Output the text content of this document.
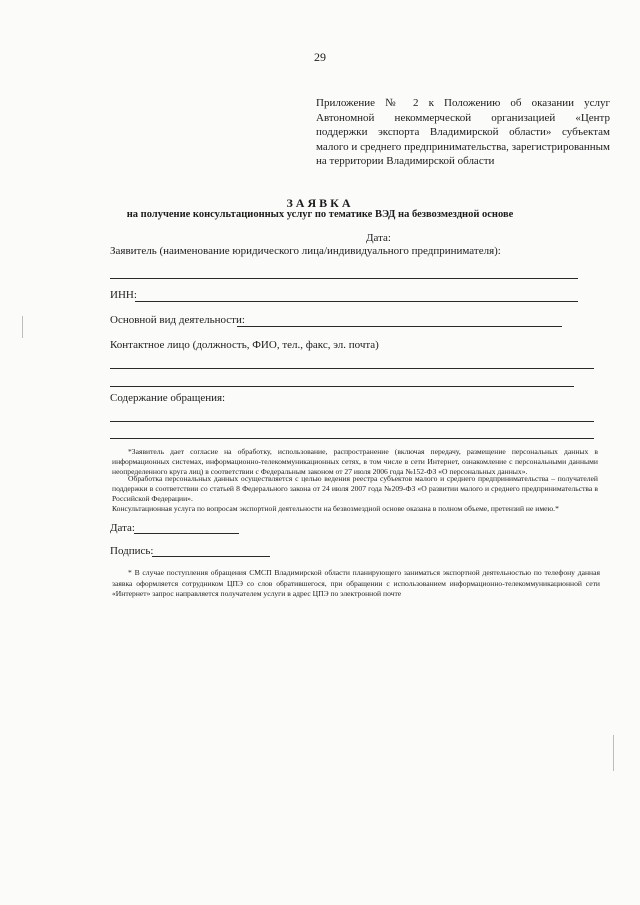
29
Приложение № 2 к Положению об оказании услуг Автономной некоммерческой организацией «Центр поддержки экспорта Владимирской области» субъектам малого и среднего предпринимательства, зарегистрированным на территории Владимирской области
ЗАЯВКА
на получение консультационных услуг по тематике ВЭД на безвозмездной основе
Дата:
Заявитель (наименование юридического лица/индивидуального предпринимателя):
ИНН:
Основной вид деятельности:
Контактное лицо (должность, ФИО, тел., факс, эл. почта)
Содержание обращения:
*Заявитель дает согласие на обработку, использование, распространение (включая передачу, размещение персональных данных в информационных системах, информационно-телекоммуникационных сетях, в том числе в сети Интернет, ознакомление с персональными данными неопределенного круга лиц) в соответствии с Федеральным законом от 27 июля 2006 года №152-ФЗ «О персональных данных».
Обработка персональных данных осуществляется с целью ведения реестра субъектов малого и среднего предпринимательства – получателей поддержки в соответствии со статьей 8 Федерального закона от 24 июля 2007 года №209-ФЗ «О развитии малого и среднего предпринимательства в Российской Федерации».
Консультационная услуга по вопросам экспортной деятельности на безвозмездной основе оказана в полном объеме, претензий не имею.*
Дата:
Подпись:
* В случае поступления обращения СМСП Владимирской области планирующего заниматься экспортной деятельностью по телефону данная заявка оформляется сотрудником ЦПЭ со слов обратившегося, при обращении с использованием информационно-телекоммуникационной сети «Интернет» запрос направляется получателем услуги в адрес ЦПЭ по электронной почте
